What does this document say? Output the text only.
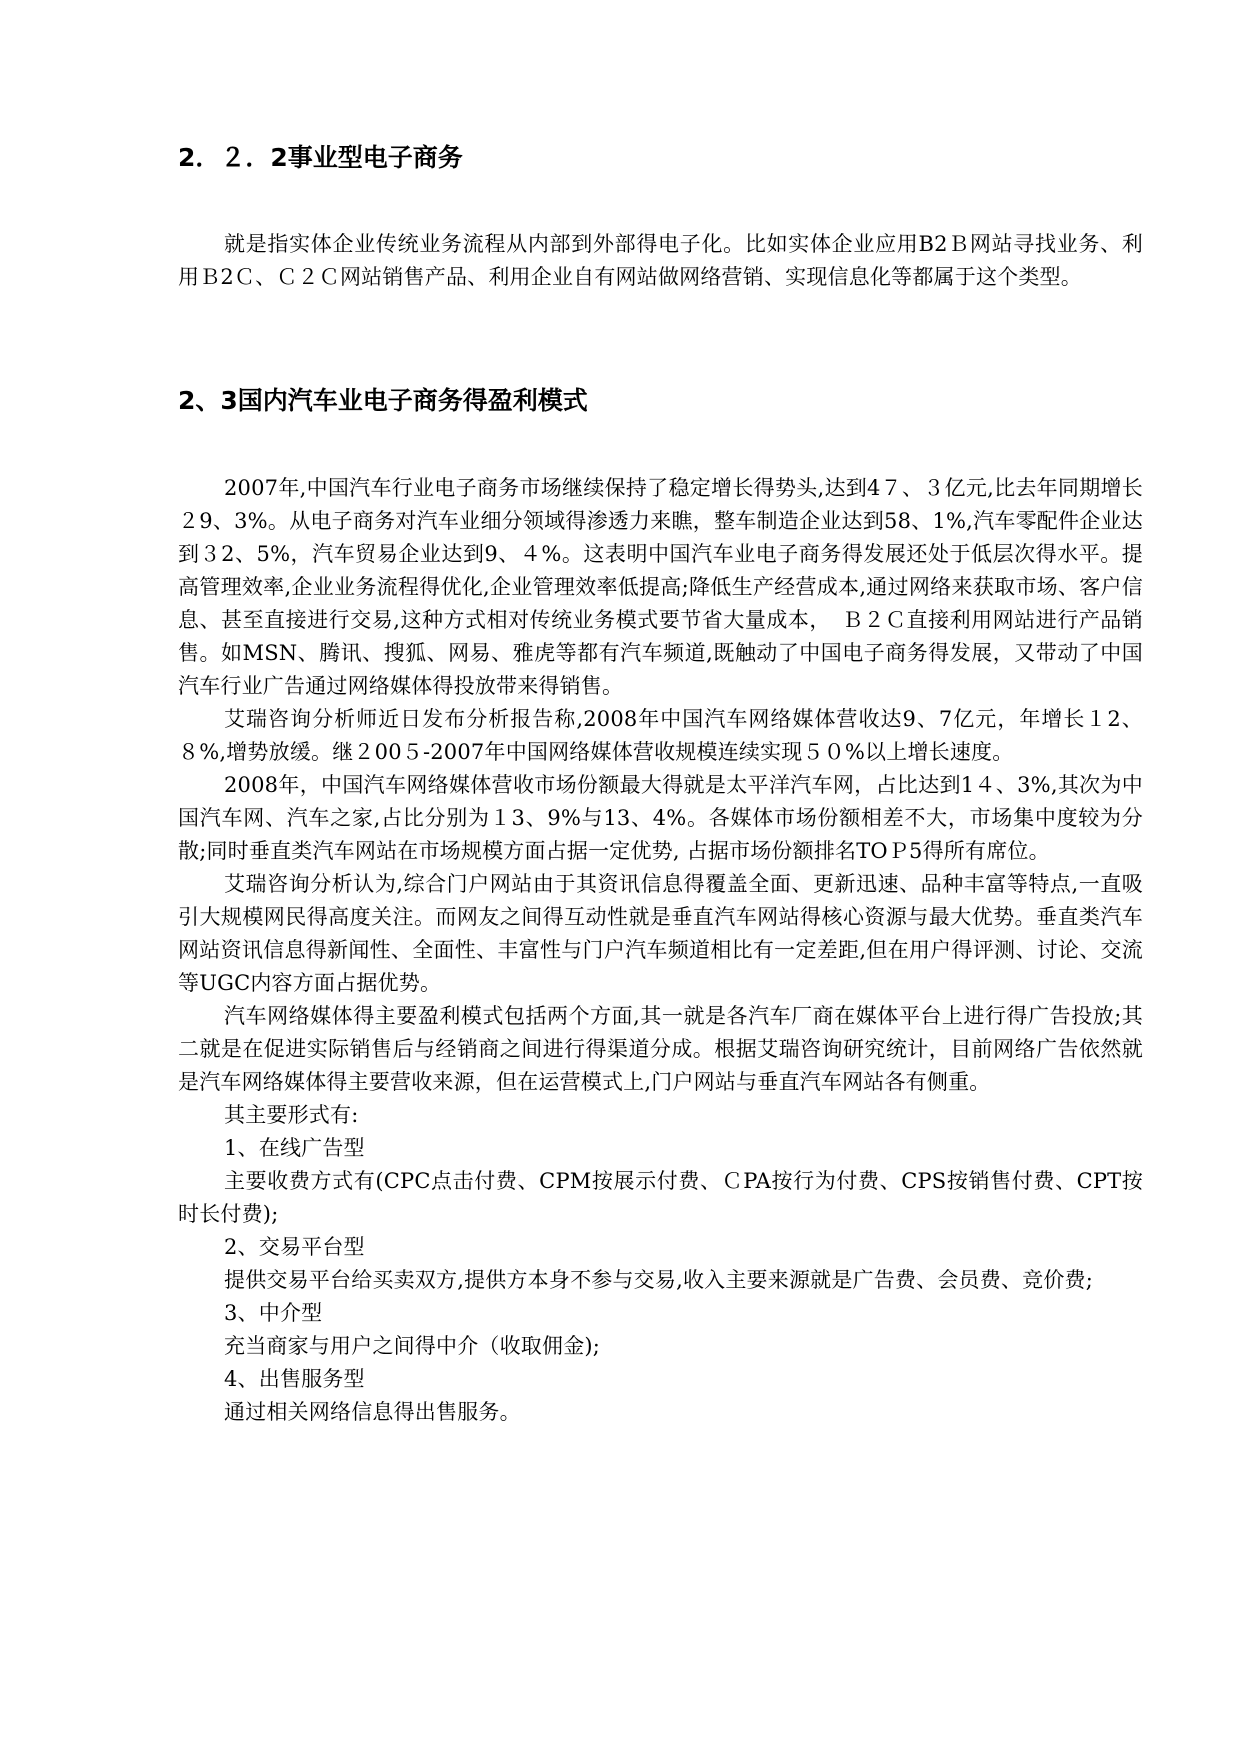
2．２．2事业型电子商务

就是指实体企业传统业务流程从内部到外部得电子化。比如实体企业应用B2Ｂ网站寻找业务、利用Ｂ2Ｃ、Ｃ２Ｃ网站销售产品、利用企业自有网站做网络营销、实现信息化等都属于这个类型。

2、3国内汽车业电子商务得盈利模式

2007年,中国汽车行业电子商务市场继续保持了稳定增长得势头,达到4７、３亿元,比去年同期增长２9、3%。从电子商务对汽车业细分领域得渗透力来瞧，整车制造企业达到58、1%,汽车零配件企业达到３2、5%，汽车贸易企业达到9、４%。这表明中国汽车业电子商务得发展还处于低层次得水平。提高管理效率,企业业务流程得优化,企业管理效率低提高;降低生产经营成本,通过网络来获取市场、客户信息、甚至直接进行交易,这种方式相对传统业务模式要节省大量成本，　Ｂ２Ｃ直接利用网站进行产品销售。如MSN、腾讯、搜狐、网易、雅虎等都有汽车频道,既触动了中国电子商务得发展，又带动了中国汽车行业广告通过网络媒体得投放带来得销售。

艾瑞咨询分析师近日发布分析报告称,2008年中国汽车网络媒体营收达9、7亿元，年增长１2、８%,增势放缓。继２00５-2007年中国网络媒体营收规模连续实现５０%以上增长速度。

2008年，中国汽车网络媒体营收市场份额最大得就是太平洋汽车网，占比达到1４、3%,其次为中国汽车网、汽车之家,占比分别为１3、9%与13、4%。各媒体市场份额相差不大，市场集中度较为分散;同时垂直类汽车网站在市场规模方面占据一定优势, 占据市场份额排名TOＰ5得所有席位。

艾瑞咨询分析认为,综合门户网站由于其资讯信息得覆盖全面、更新迅速、品种丰富等特点,一直吸引大规模网民得高度关注。而网友之间得互动性就是垂直汽车网站得核心资源与最大优势。垂直类汽车网站资讯信息得新闻性、全面性、丰富性与门户汽车频道相比有一定差距,但在用户得评测、讨论、交流等UGC内容方面占据优势。

汽车网络媒体得主要盈利模式包括两个方面,其一就是各汽车厂商在媒体平台上进行得广告投放;其二就是在促进实际销售后与经销商之间进行得渠道分成。根据艾瑞咨询研究统计，目前网络广告依然就是汽车网络媒体得主要营收来源，但在运营模式上,门户网站与垂直汽车网站各有侧重。

其主要形式有:

1、在线广告型

主要收费方式有(CPC点击付费、CPM按展示付费、ＣPA按行为付费、CPS按销售付费、CPT按时长付费);

2、交易平台型

提供交易平台给买卖双方,提供方本身不参与交易,收入主要来源就是广告费、会员费、竞价费;

3、中介型

充当商家与用户之间得中介（收取佣金);

4、出售服务型

通过相关网络信息得出售服务。
